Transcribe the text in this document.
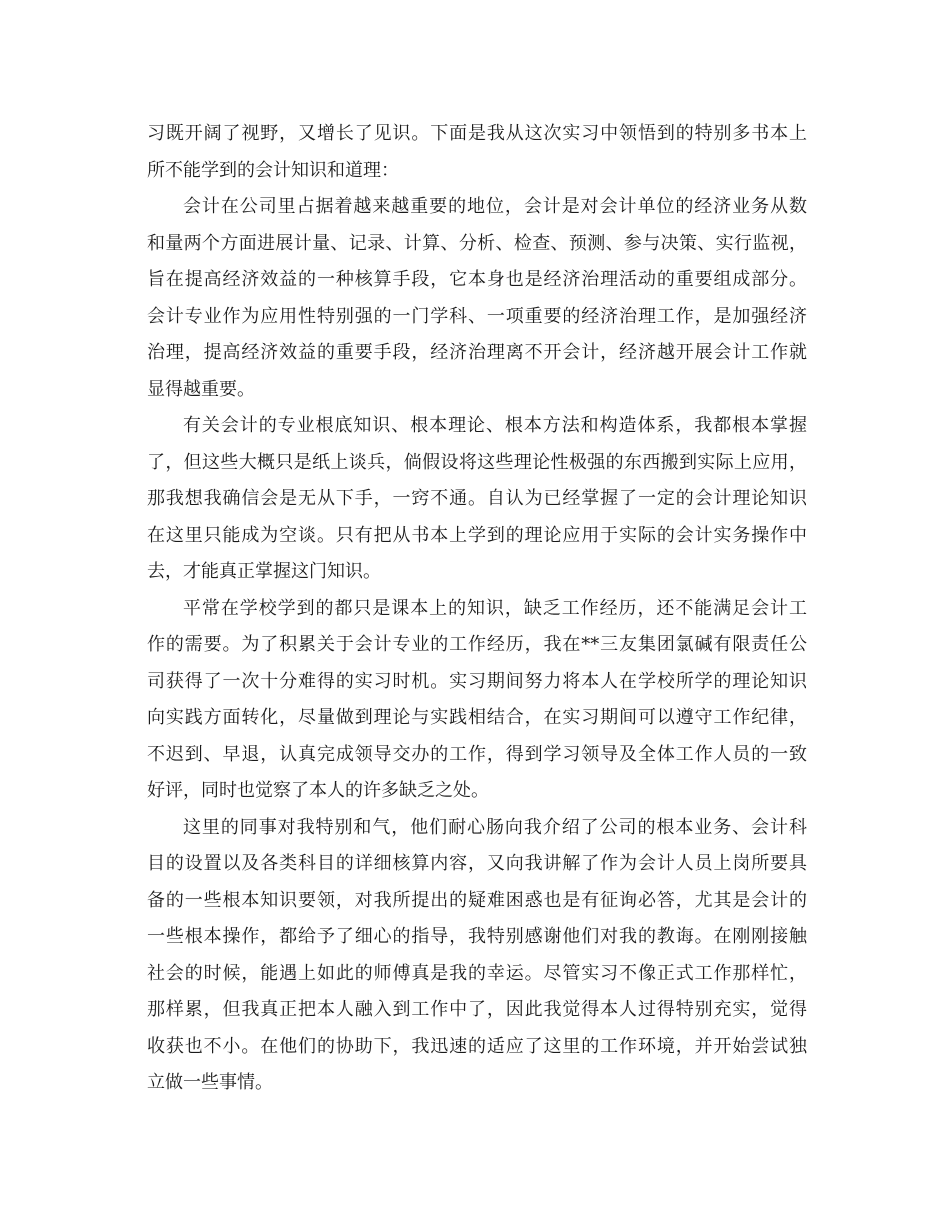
习既开阔了视野，又增长了见识。下面是我从这次实习中领悟到的特别多书本上
所不能学到的会计知识和道理：

会计在公司里占据着越来越重要的地位，会计是对会计单位的经济业务从数
和量两个方面进展计量、记录、计算、分析、检查、预测、参与决策、实行监视，
旨在提高经济效益的一种核算手段，它本身也是经济治理活动的重要组成部分。
会计专业作为应用性特别强的一门学科、一项重要的经济治理工作，是加强经济
治理，提高经济效益的重要手段，经济治理离不开会计，经济越开展会计工作就
显得越重要。

有关会计的专业根底知识、根本理论、根本方法和构造体系，我都根本掌握
了，但这些大概只是纸上谈兵，倘假设将这些理论性极强的东西搬到实际上应用，
那我想我确信会是无从下手，一窍不通。自认为已经掌握了一定的会计理论知识
在这里只能成为空谈。只有把从书本上学到的理论应用于实际的会计实务操作中
去，才能真正掌握这门知识。

平常在学校学到的都只是课本上的知识，缺乏工作经历，还不能满足会计工
作的需要。为了积累关于会计专业的工作经历，我在**三友集团氯碱有限责任公
司获得了一次十分难得的实习时机。实习期间努力将本人在学校所学的理论知识
向实践方面转化，尽量做到理论与实践相结合，在实习期间可以遵守工作纪律，
不迟到、早退，认真完成领导交办的工作，得到学习领导及全体工作人员的一致
好评，同时也觉察了本人的许多缺乏之处。

这里的同事对我特别和气，他们耐心肠向我介绍了公司的根本业务、会计科
目的设置以及各类科目的详细核算内容，又向我讲解了作为会计人员上岗所要具
备的一些根本知识要领，对我所提出的疑难困惑也是有征询必答，尤其是会计的
一些根本操作，都给予了细心的指导，我特别感谢他们对我的教诲。在刚刚接触
社会的时候，能遇上如此的师傅真是我的幸运。尽管实习不像正式工作那样忙，
那样累，但我真正把本人融入到工作中了，因此我觉得本人过得特别充实，觉得
收获也不小。在他们的协助下，我迅速的适应了这里的工作环境，并开始尝试独
立做一些事情。
